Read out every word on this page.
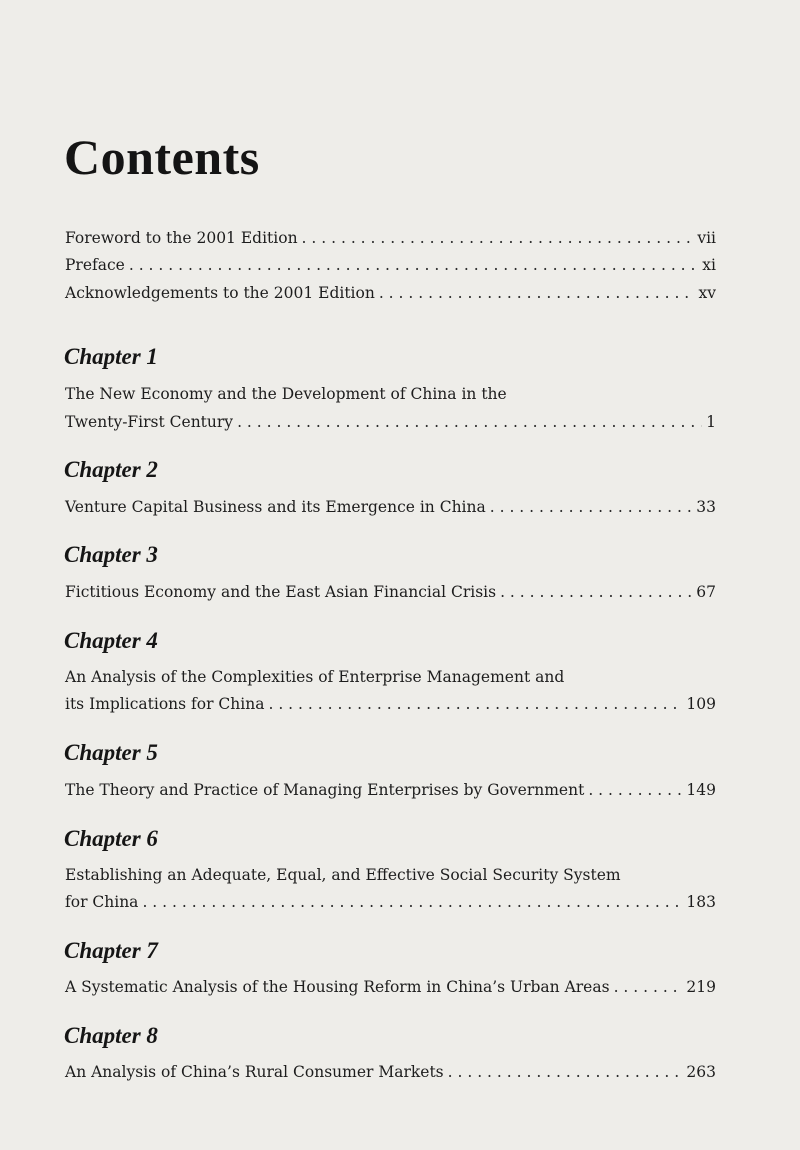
Contents
Foreword to the 2001 Edition . . .	vii
Preface . . .	xi
Acknowledgements to the 2001 Edition . . .	xv
Chapter 1
The New Economy and the Development of China in the
Twenty-First Century . . .	1
Chapter 2
Venture Capital Business and its Emergence in China . . .	33
Chapter 3
Fictitious Economy and the East Asian Financial Crisis . . .	67
Chapter 4
An Analysis of the Complexities of Enterprise Management and
its Implications for China . . .	109
Chapter 5
The Theory and Practice of Managing Enterprises by Government . . .	149
Chapter 6
Establishing an Adequate, Equal, and Effective Social Security System
for China . . .	183
Chapter 7
A Systematic Analysis of the Housing Reform in China’s Urban Areas . . .	219
Chapter 8
An Analysis of China’s Rural Consumer Markets . . .	263
